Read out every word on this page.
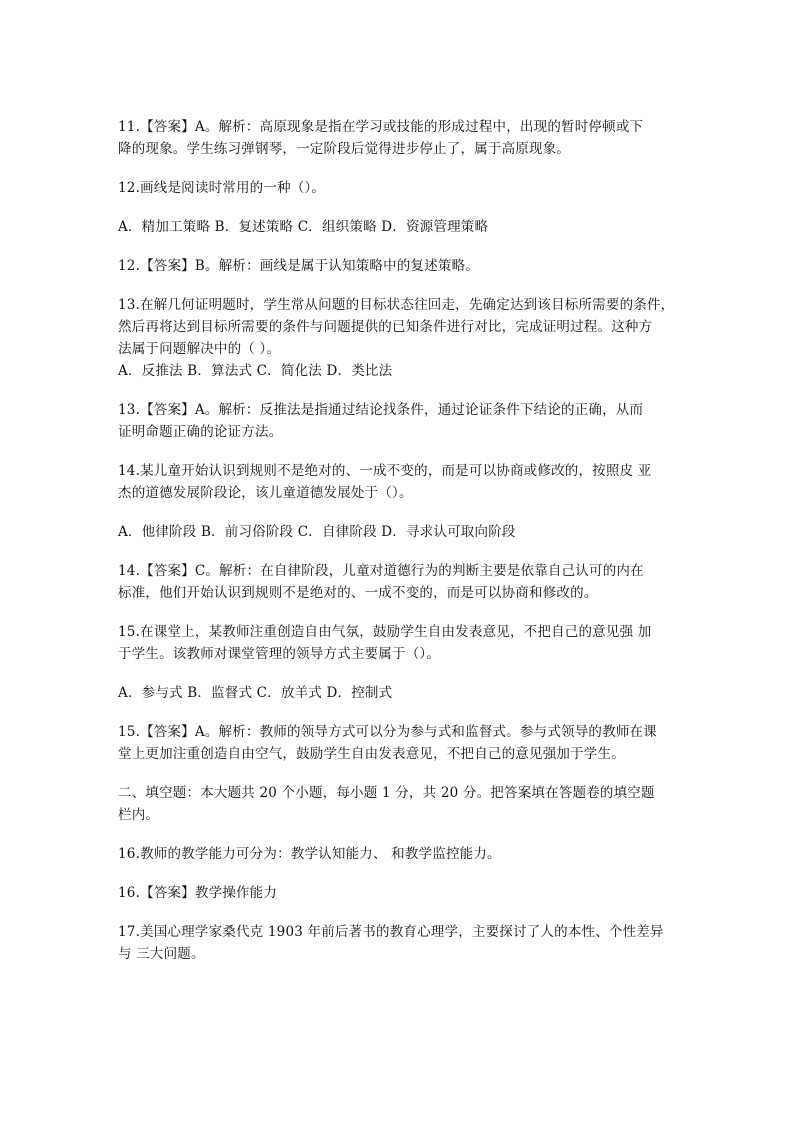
11.【答案】A。解析：高原现象是指在学习或技能的形成过程中，出现的暂时停顿或下
降的现象。学生练习弹钢琴，一定阶段后觉得进步停止了，属于高原现象。
12.画线是阅读时常用的一种（）。
A．精加工策略 B．复述策略 C．组织策略 D．资源管理策略
12.【答案】B。解析：画线是属于认知策略中的复述策略。
13.在解几何证明题时，学生常从问题的目标状态往回走，先确定达到该目标所需要的条件，
然后再将达到目标所需要的条件与问题提供的已知条件进行对比，完成证明过程。这种方
法属于问题解决中的（ ）。
A．反推法 B．算法式 C．简化法 D．类比法
13.【答案】A。解析：反推法是指通过结论找条件，通过论证条件下结论的正确，从而
证明命题正确的论证方法。
14.某儿童开始认识到规则不是绝对的、一成不变的，而是可以协商或修改的，按照皮 亚
杰的道德发展阶段论，该儿童道德发展处于（）。
A．他律阶段 B．前习俗阶段 C．自律阶段 D．寻求认可取向阶段
14.【答案】C。解析：在自律阶段，儿童对道德行为的判断主要是依靠自己认可的内在
标准，他们开始认识到规则不是绝对的、一成不变的，而是可以协商和修改的。
15.在课堂上，某教师注重创造自由气氛，鼓励学生自由发表意见，不把自己的意见强 加
于学生。该教师对课堂管理的领导方式主要属于（）。
A．参与式 B．监督式 C．放羊式 D．控制式
15.【答案】A。解析：教师的领导方式可以分为参与式和监督式。参与式领导的教师在课
堂上更加注重创造自由空气，鼓励学生自由发表意见，不把自己的意见强加于学生。
二、填空题：本大题共 20 个小题，每小题 1 分，共 20 分。把答案填在答题卷的填空题
栏内。
16.教师的教学能力可分为：教学认知能力、 和教学监控能力。
16.【答案】教学操作能力
17.美国心理学家桑代克 1903 年前后著书的教育心理学，主要探讨了人的本性、个性差异
与 三大问题。
